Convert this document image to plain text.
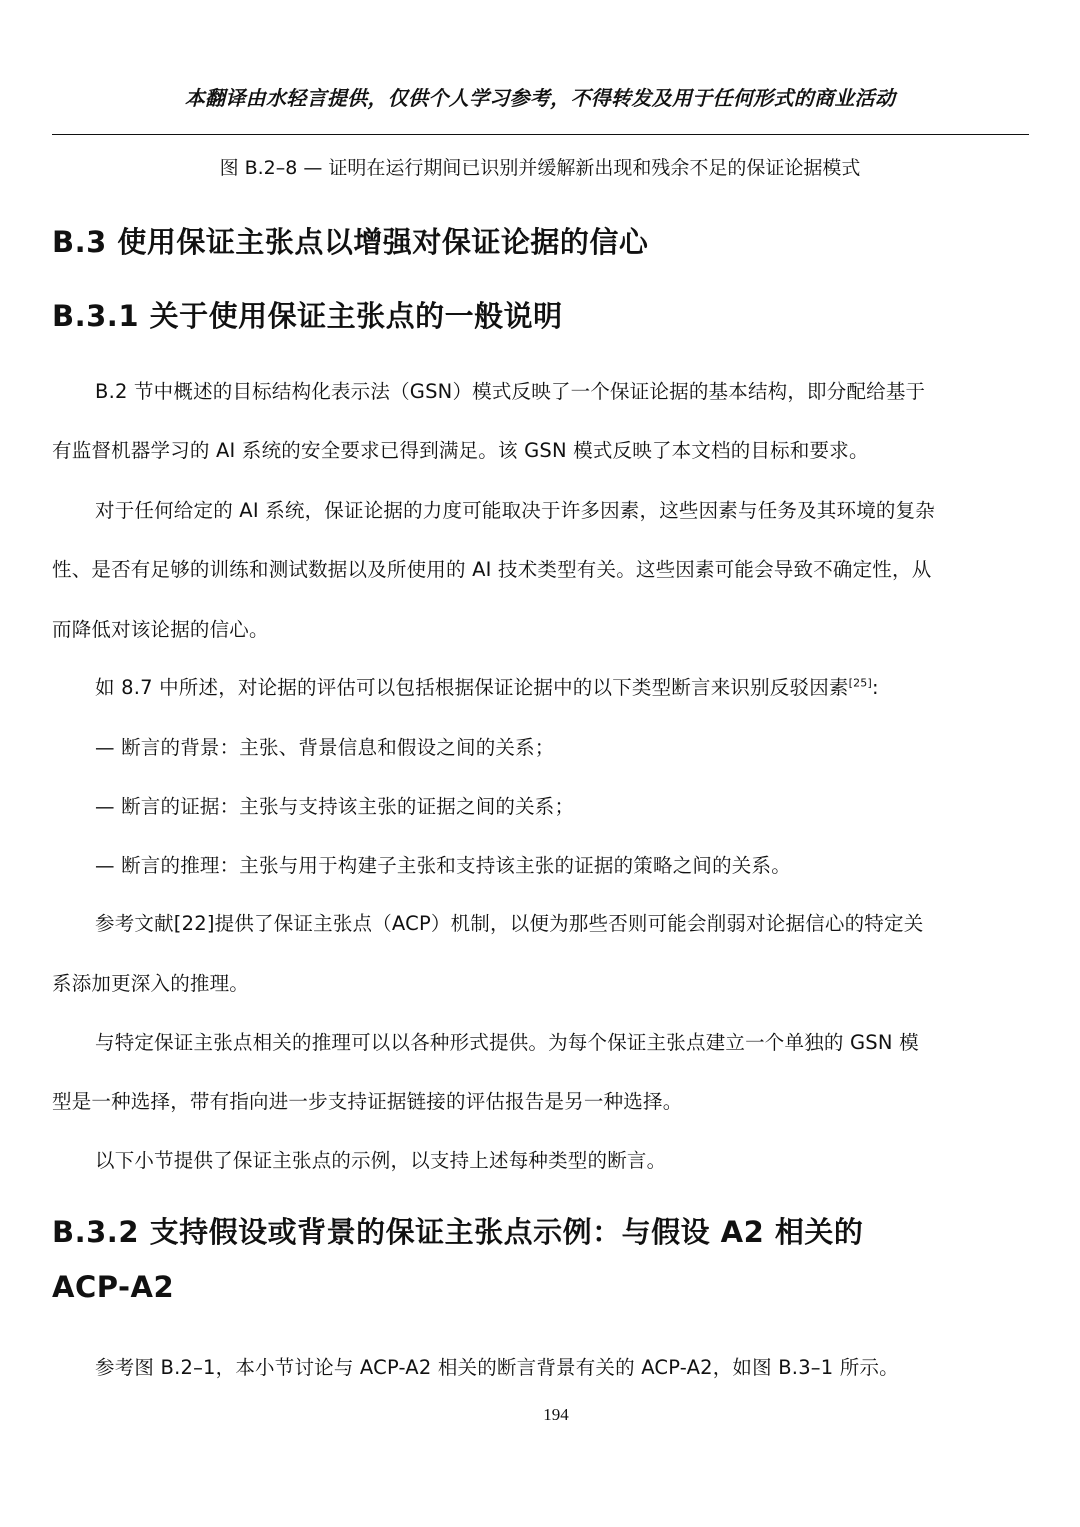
本翻译由水轻言提供，仅供个人学习参考，不得转发及用于任何形式的商业活动
图 B.2–8 — 证明在运行期间已识别并缓解新出现和残余不足的保证论据模式
B.3 使用保证主张点以增强对保证论据的信心
B.3.1 关于使用保证主张点的一般说明
B.2 节中概述的目标结构化表示法（GSN）模式反映了一个保证论据的基本结构，即分配给基于
有监督机器学习的 AI 系统的安全要求已得到满足。该 GSN 模式反映了本文档的目标和要求。
对于任何给定的 AI 系统，保证论据的力度可能取决于许多因素，这些因素与任务及其环境的复杂
性、是否有足够的训练和测试数据以及所使用的 AI 技术类型有关。这些因素可能会导致不确定性，从
而降低对该论据的信心。
如 8.7 中所述，对论据的评估可以包括根据保证论据中的以下类型断言来识别反驳因素[25]:
— 断言的背景：主张、背景信息和假设之间的关系；
— 断言的证据：主张与支持该主张的证据之间的关系；
— 断言的推理：主张与用于构建子主张和支持该主张的证据的策略之间的关系。
参考文献[22]提供了保证主张点（ACP）机制，以便为那些否则可能会削弱对论据信心的特定关
系添加更深入的推理。
与特定保证主张点相关的推理可以以各种形式提供。为每个保证主张点建立一个单独的 GSN 模
型是一种选择，带有指向进一步支持证据链接的评估报告是另一种选择。
以下小节提供了保证主张点的示例，以支持上述每种类型的断言。
B.3.2 支持假设或背景的保证主张点示例：与假设 A2 相关的
ACP-A2
参考图 B.2–1，本小节讨论与 ACP-A2 相关的断言背景有关的 ACP-A2，如图 B.3–1 所示。
194
